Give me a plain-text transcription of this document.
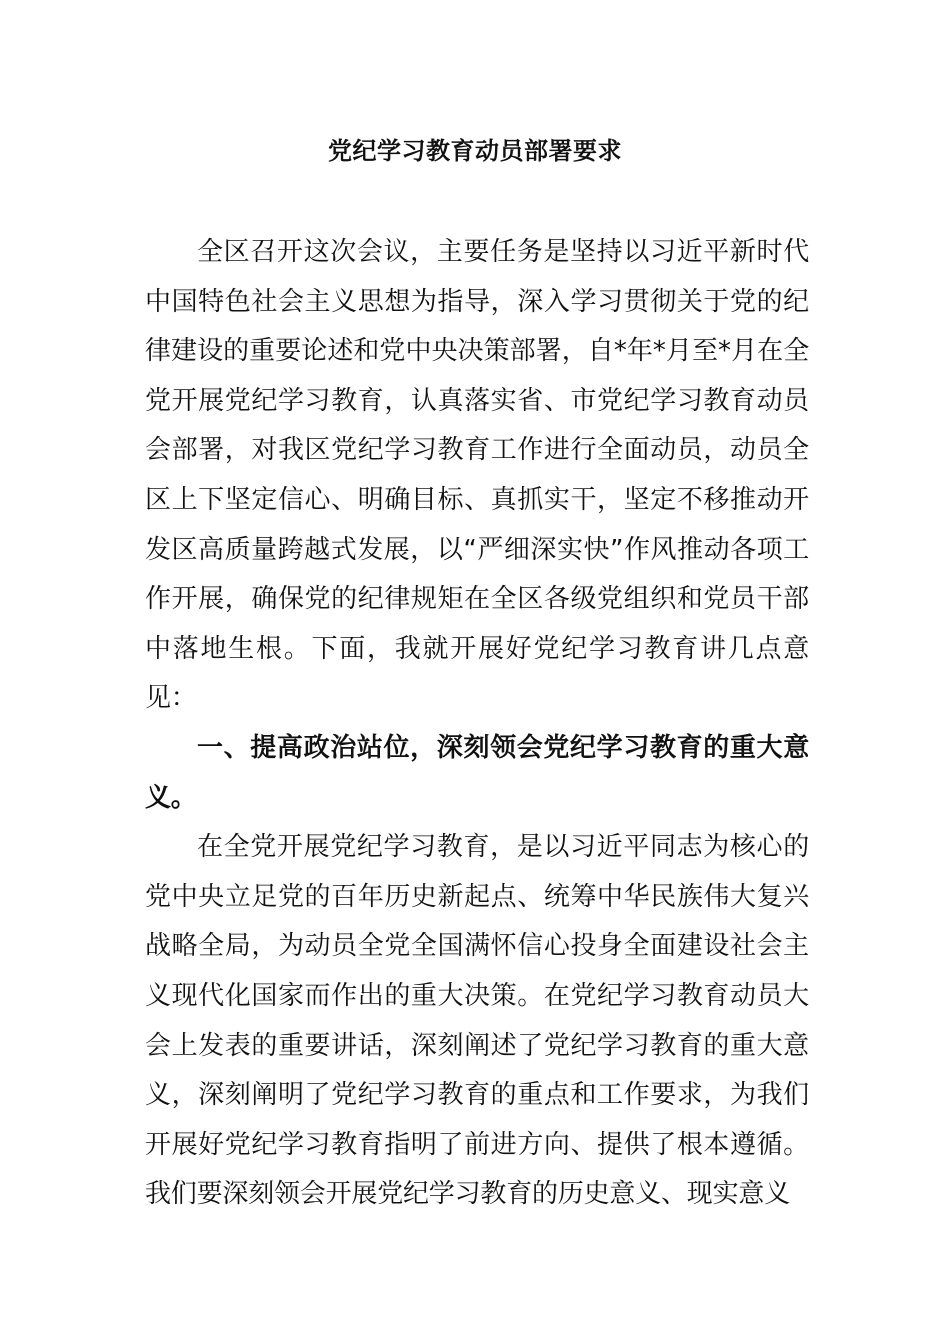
党纪学习教育动员部署要求

全区召开这次会议，主要任务是坚持以习近平新时代中国特色社会主义思想为指导，深入学习贯彻关于党的纪律建设的重要论述和党中央决策部署，自*年*月至*月在全党开展党纪学习教育，认真落实省、市党纪学习教育动员会部署，对我区党纪学习教育工作进行全面动员，动员全区上下坚定信心、明确目标、真抓实干，坚定不移推动开发区高质量跨越式发展，以“严细深实快”作风推动各项工作开展，确保党的纪律规矩在全区各级党组织和党员干部中落地生根。下面，我就开展好党纪学习教育讲几点意见：

一、提高政治站位，深刻领会党纪学习教育的重大意义。

在全党开展党纪学习教育，是以习近平同志为核心的党中央立足党的百年历史新起点、统筹中华民族伟大复兴战略全局，为动员全党全国满怀信心投身全面建设社会主义现代化国家而作出的重大决策。在党纪学习教育动员大会上发表的重要讲话，深刻阐述了党纪学习教育的重大意义，深刻阐明了党纪学习教育的重点和工作要求，为我们开展好党纪学习教育指明了前进方向、提供了根本遵循。我们要深刻领会开展党纪学习教育的历史意义、现实意义
